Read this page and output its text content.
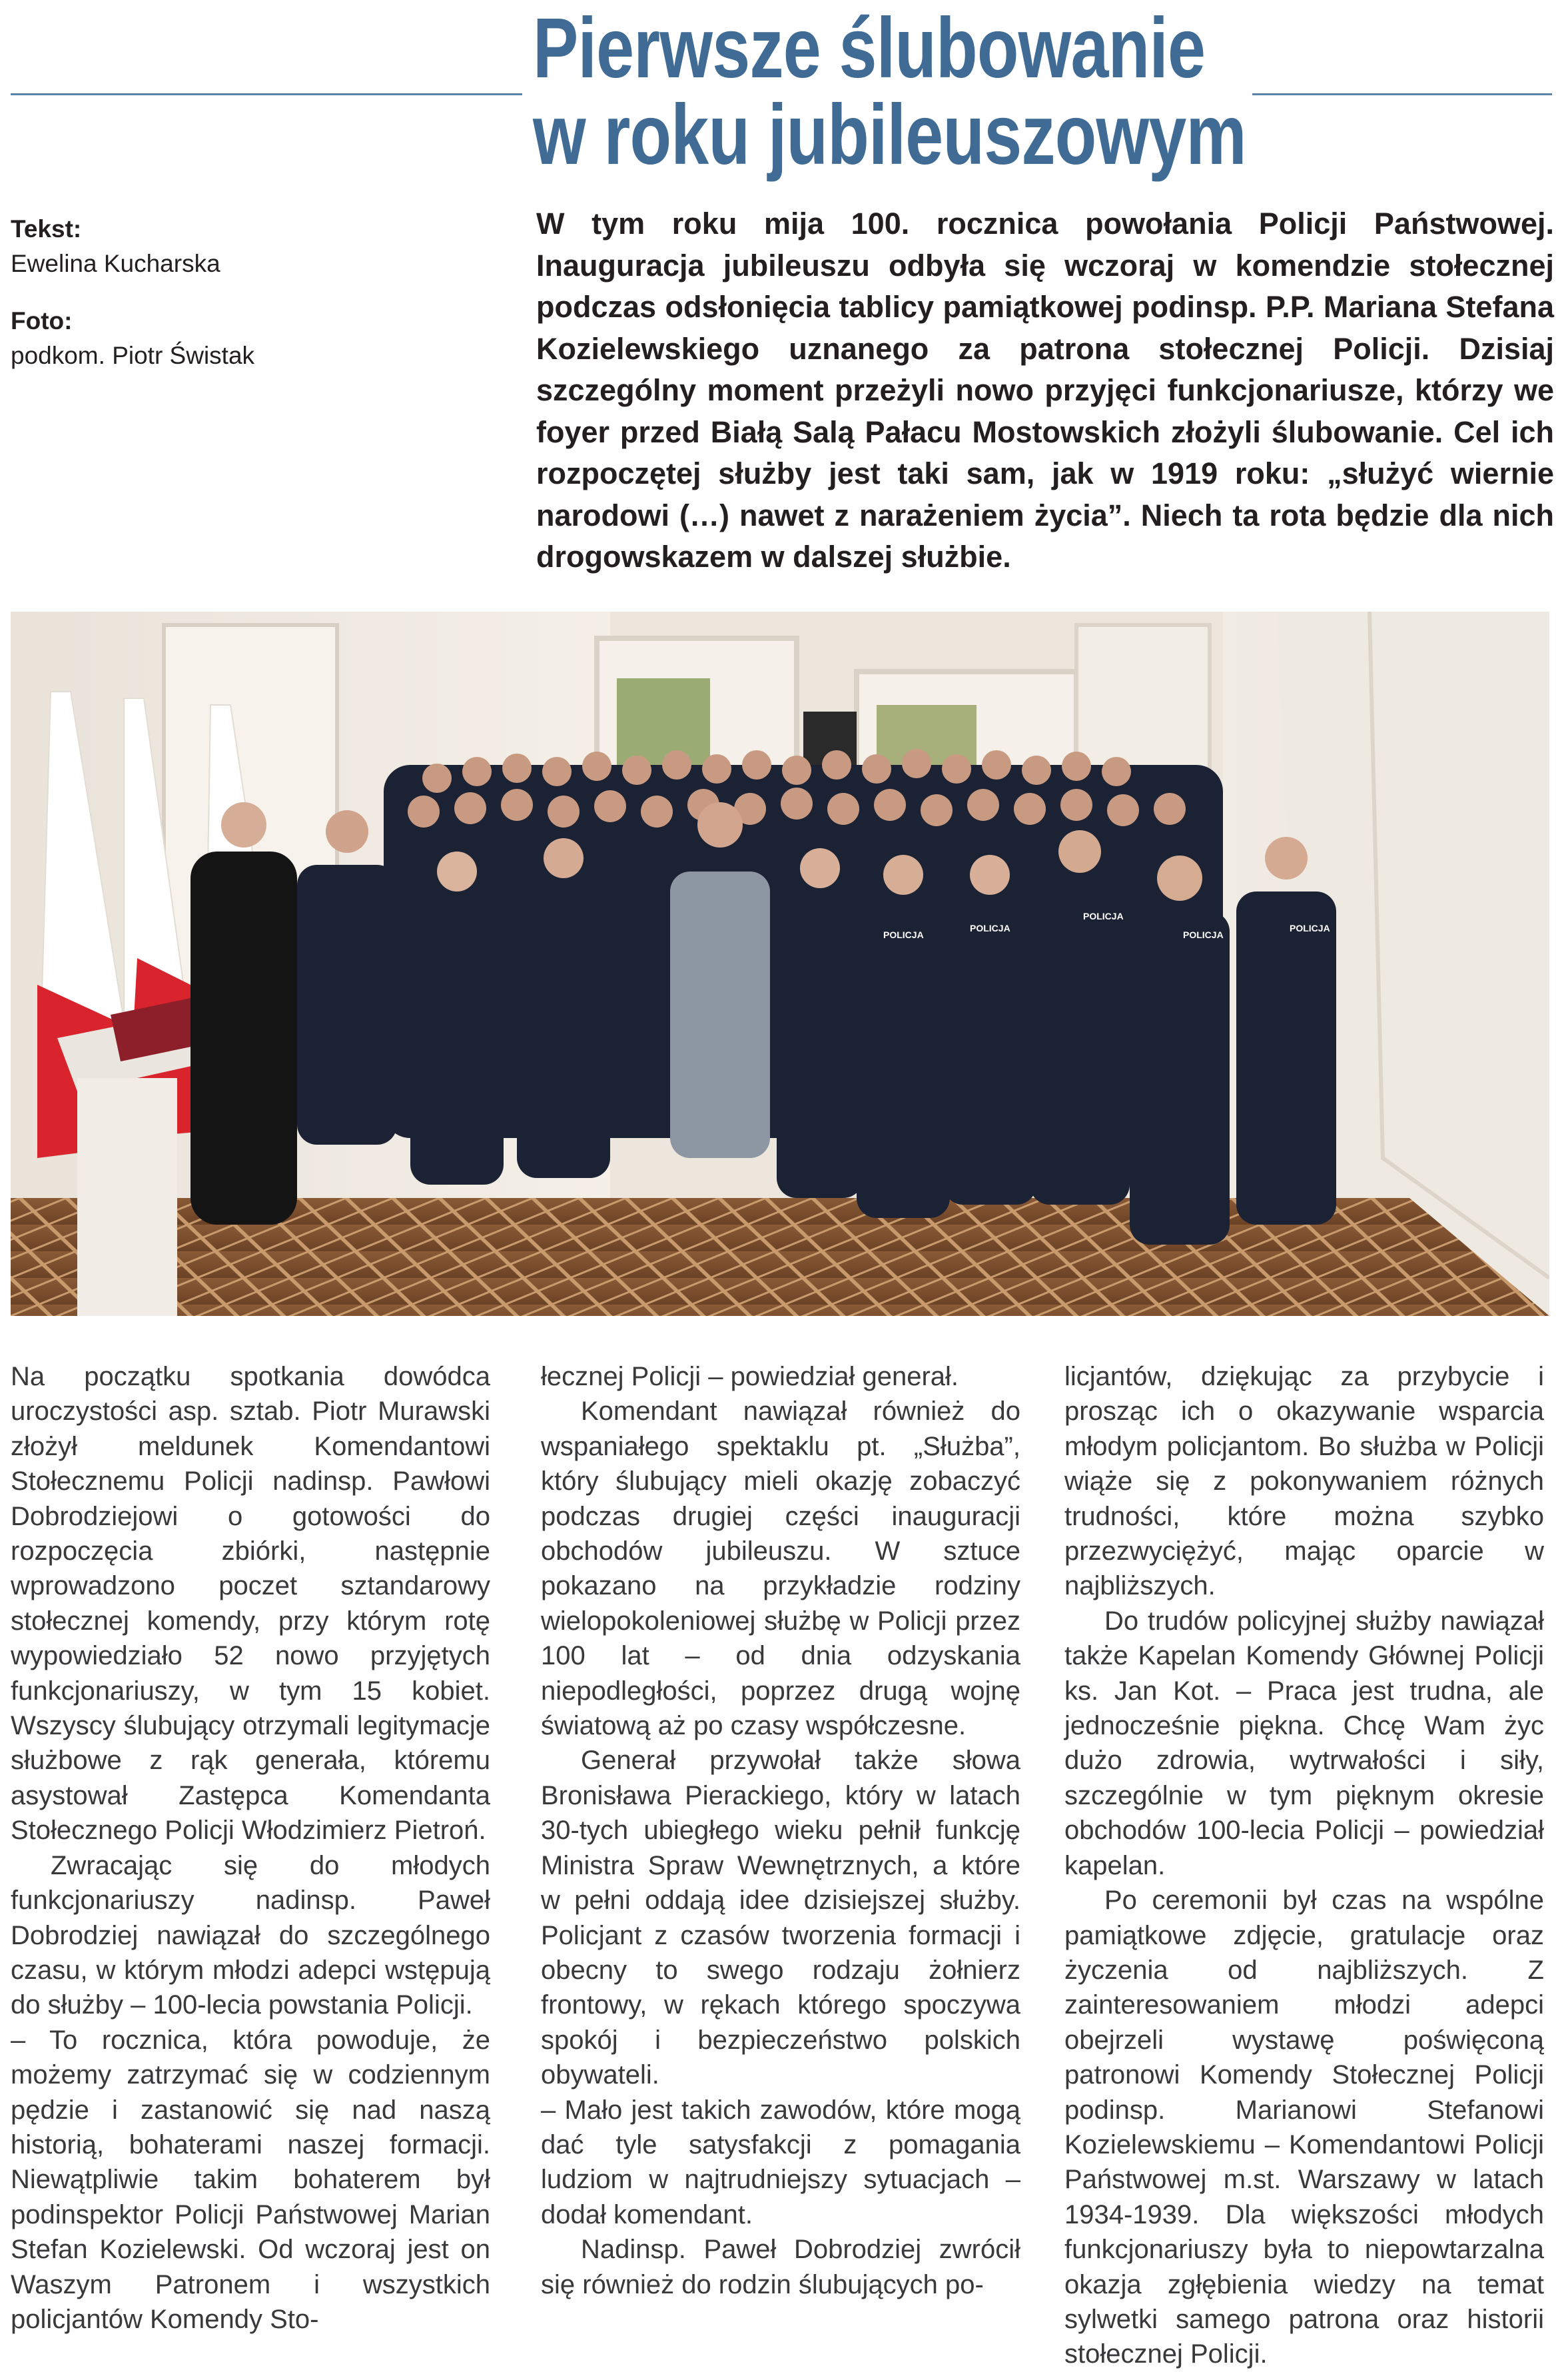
Pierwsze ślubowanie
w roku jubileuszowym
Tekst:
Ewelina Kucharska
Foto:
podkom. Piotr Świstak

W tym roku mija 100. rocznica powołania Policji Państwowej. Inauguracja jubileuszu odbyła się wczoraj w komendzie stołecznej podczas odsłonięcia tablicy pamiątkowej podinsp. P.P. Mariana Stefana Kozielewskiego uznanego za patrona stołecznej Policji. Dzisiaj szczególny moment przeżyli nowo przyjęci funkcjonariusze, którzy we foyer przed Białą Salą Pałacu Mostowskich złożyli ślubowanie. Cel ich rozpoczętej służby jest taki sam, jak w 1919 roku: „służyć wiernie narodowi (…) nawet z narażeniem życia”. Niech ta rota będzie dla nich drogowskazem w dalszej służbie.

POLICJA
POLICJA
POLICJA
POLICJA
POLICJA

Na początku spotkania dowódca uroczystości asp. sztab. Piotr Murawski złożył meldunek Komendantowi Stołecznemu Policji nadinsp. Pawłowi Dobrodziejowi o gotowości do rozpoczęcia zbiórki, następnie wprowadzono poczet sztandarowy stołecznej komendy, przy którym rotę wypowiedziało 52 nowo przyjętych funkcjonariuszy, w tym 15 kobiet. Wszyscy ślubujący otrzymali legitymacje służbowe z rąk generała, któremu asystował Zastępca Komendanta Stołecznego Policji Włodzimierz Pietroń.

Zwracając się do młodych funkcjonariuszy nadinsp. Paweł Dobrodziej nawiązał do szczególnego czasu, w którym młodzi adepci wstępują do służby – 100-lecia powstania Policji.

– To rocznica, która powoduje, że możemy zatrzymać się w codziennym pędzie i zastanowić się nad naszą historią, bohaterami naszej formacji. Niewątpliwie takim bohaterem był podinspektor Policji Państwowej Marian Stefan Kozielewski. Od wczoraj jest on Waszym Patronem i wszystkich policjantów Komendy Sto-

łecznej Policji – powiedział generał.

Komendant nawiązał również do wspaniałego spektaklu pt. „Służba”, który ślubujący mieli okazję zobaczyć podczas drugiej części inauguracji obchodów jubileuszu. W sztuce pokazano na przykładzie rodziny wielopokoleniowej służbę w Policji przez 100 lat – od dnia odzyskania niepodległości, poprzez drugą wojnę światową aż po czasy współczesne.

Generał przywołał także słowa Bronisława Pierackiego, który w latach 30-tych ubiegłego wieku pełnił funkcję Ministra Spraw Wewnętrznych, a które w pełni oddają idee dzisiejszej służby. Policjant z czasów tworzenia formacji i obecny to swego rodzaju żołnierz frontowy, w rękach którego spoczywa spokój i bezpieczeństwo polskich obywateli.

– Mało jest takich zawodów, które mogą dać tyle satysfakcji z pomagania ludziom w najtrudniejszy sytuacjach – dodał komendant.

Nadinsp. Paweł Dobrodziej zwrócił się również do rodzin ślubujących po-

licjantów, dziękując za przybycie i prosząc ich o okazywanie wsparcia młodym policjantom. Bo służba w Policji wiąże się z pokonywaniem różnych trudności, które można szybko przezwyciężyć, mając oparcie w najbliższych.

Do trudów policyjnej służby nawiązał także Kapelan Komendy Głównej Policji ks. Jan Kot. – Praca jest trudna, ale jednocześnie piękna. Chcę Wam życ dużo zdrowia, wytrwałości i siły, szczególnie w tym pięknym okresie obchodów 100-lecia Policji – powiedział kapelan.

Po ceremonii był czas na wspólne pamiątkowe zdjęcie, gratulacje oraz życzenia od najbliższych. Z zainteresowaniem młodzi adepci obejrzeli wystawę poświęconą patronowi Komendy Stołecznej Policji podinsp. Marianowi Stefanowi Kozielewskiemu – Komendantowi Policji Państwowej m.st. Warszawy w latach 1934-1939. Dla większości młodych funkcjonariuszy była to niepowtarzalna okazja zgłębienia wiedzy na temat sylwetki samego patrona oraz historii stołecznej Policji.
